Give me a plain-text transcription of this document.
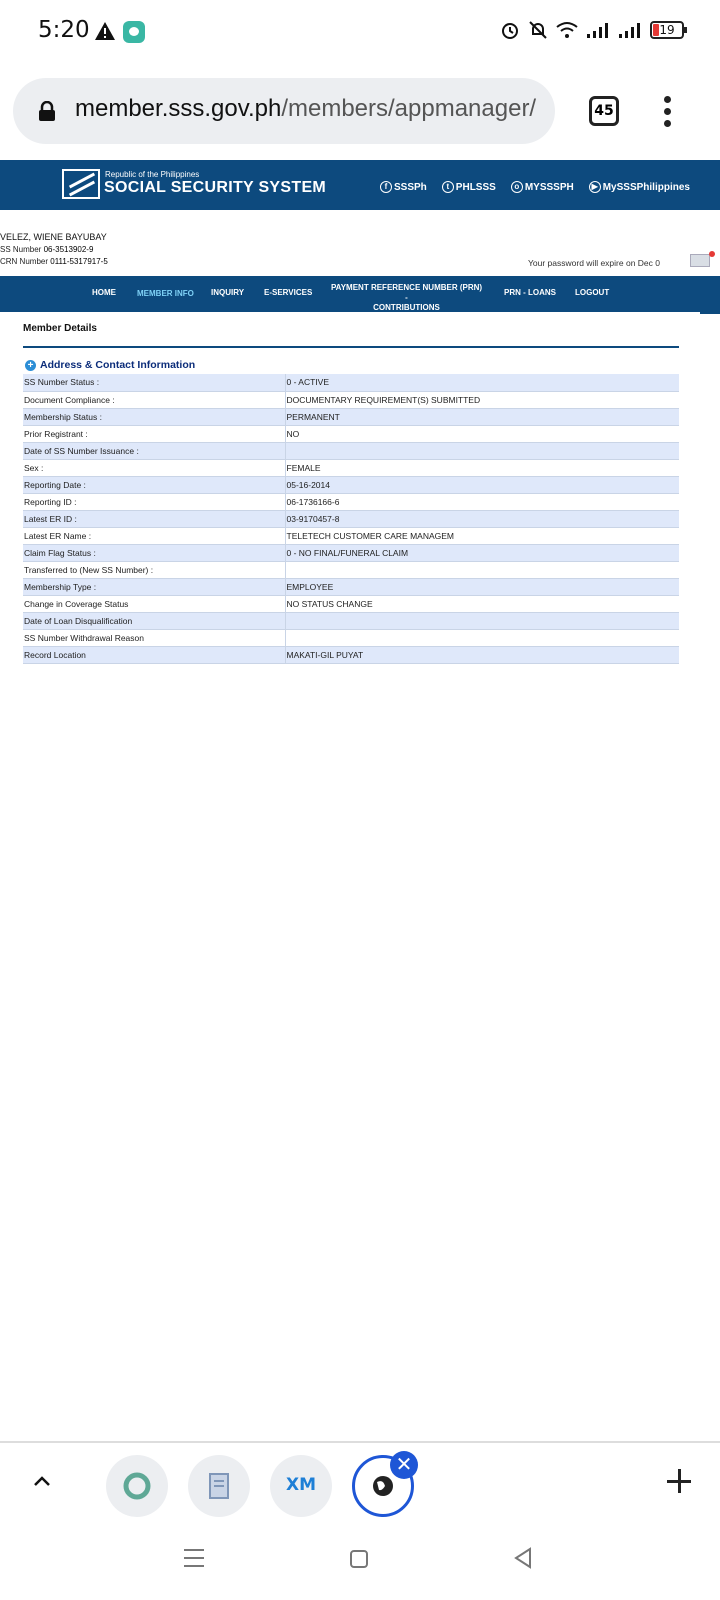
5:20	19
member.sss.gov.ph/members/appmanager/	45
Republic of the Philippines
SOCIAL SECURITY SYSTEM	f SSSPh	t PHLSSS	o MYSSSPH	▶ MySSSPhilippines
VELEZ, WIENE BAYUBAY
SS Number 06-3513902-9
CRN Number 0111-5317917-5	Your password will expire on Dec 0
HOME	MEMBER INFO INQUIRY E-SERVICES
PAYMENT REFERENCE NUMBER (PRN) -
CONTRIBUTIONS
PRN - LOANS LOGOUT
Member Details
+ Address & Contact Information
SS Number Status :	0 - ACTIVE
Document Compliance :	DOCUMENTARY REQUIREMENT(S) SUBMITTED
Membership Status :	PERMANENT
Prior Registrant :	NO
Date of SS Number Issuance :	
Sex :	FEMALE
Reporting Date :	05-16-2014
Reporting ID :	06-1736166-6
Latest ER ID :	03-9170457-8
Latest ER Name :	TELETECH CUSTOMER CARE MANAGEM
Claim Flag Status :	0 - NO FINAL/FUNERAL CLAIM
Transferred to (New SS Number) :	
Membership Type :	EMPLOYEE
Change in Coverage Status	NO STATUS CHANGE
Date of Loan Disqualification	
SS Number Withdrawal Reason	
Record Location	MAKATI-GIL PUYAT
XM
✕
